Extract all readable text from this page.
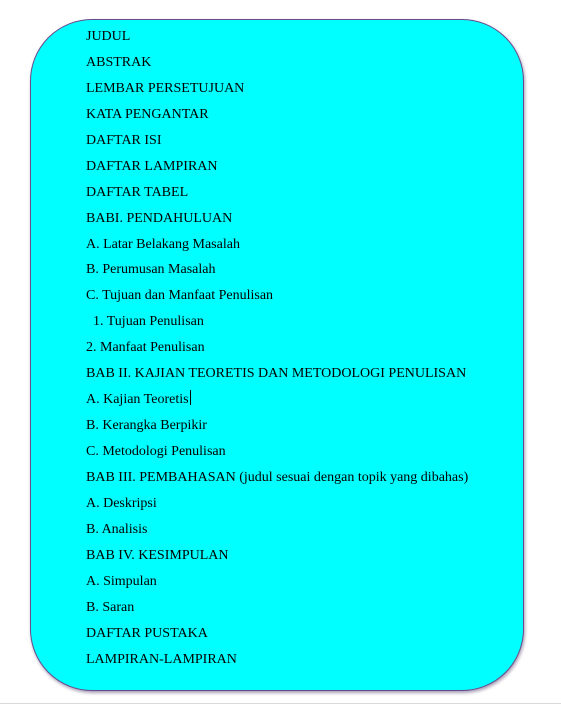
JUDUL
ABSTRAK
LEMBAR PERSETUJUAN
KATA PENGANTAR
DAFTAR ISI
DAFTAR LAMPIRAN
DAFTAR TABEL
BABI. PENDAHULUAN
A. Latar Belakang Masalah
B. Perumusan Masalah
C. Tujuan dan Manfaat Penulisan
1. Tujuan Penulisan
2. Manfaat Penulisan
BAB II. KAJIAN TEORETIS DAN METODOLOGI PENULISAN
A. Kajian Teoretis
B. Kerangka Berpikir
C. Metodologi Penulisan
BAB III. PEMBAHASAN (judul sesuai dengan topik yang dibahas)
A. Deskripsi
B. Analisis
BAB IV. KESIMPULAN
A. Simpulan
B. Saran
DAFTAR PUSTAKA
LAMPIRAN-LAMPIRAN
